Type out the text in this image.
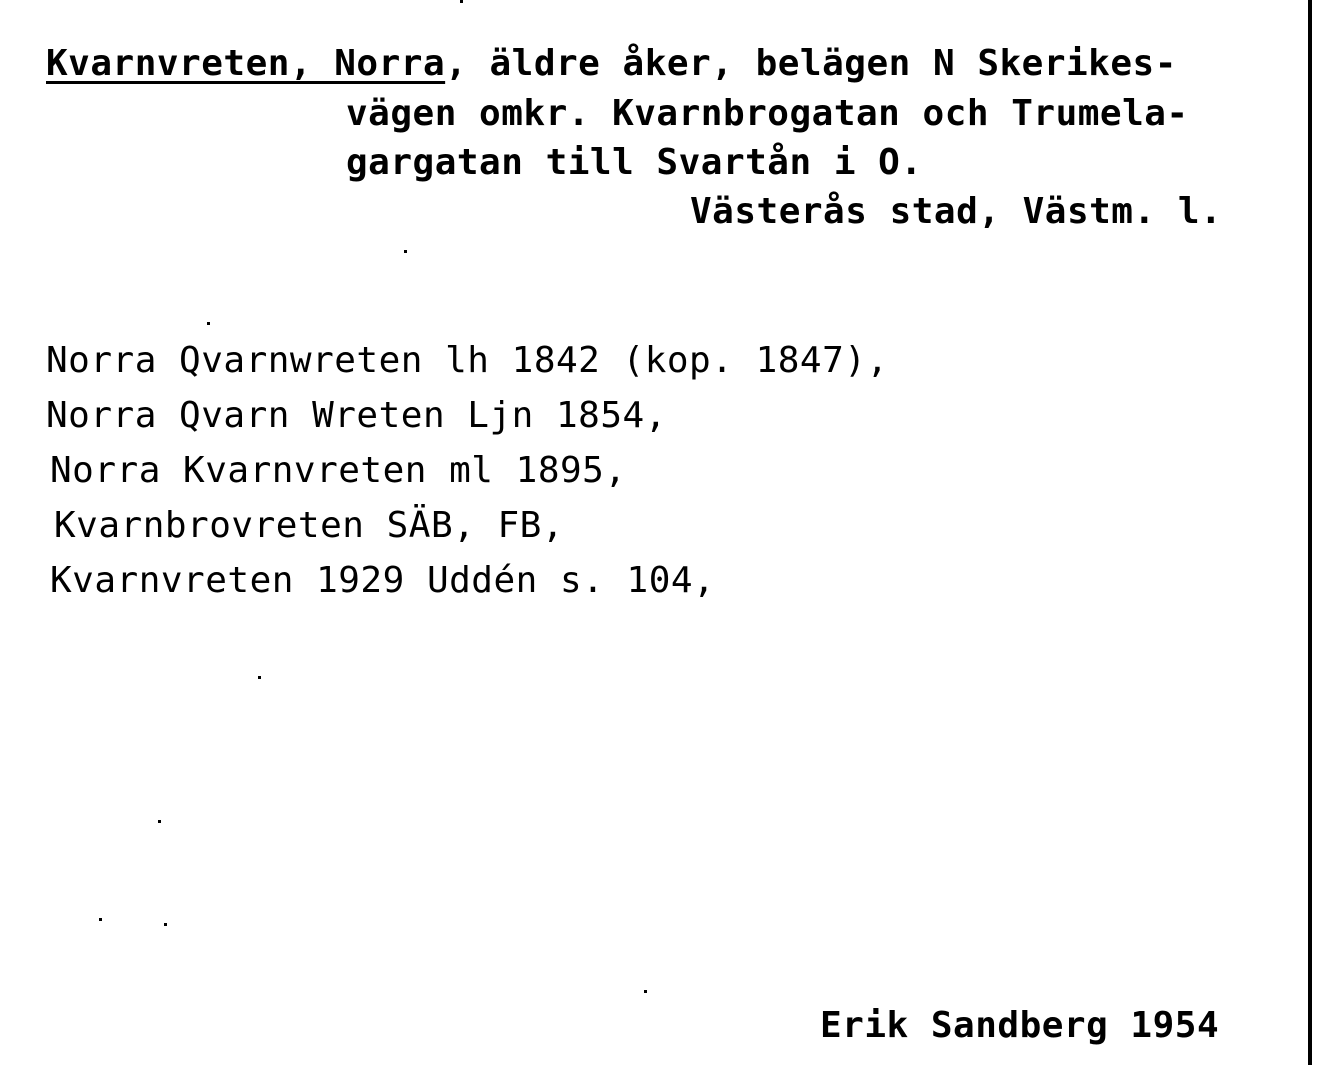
Kvarnvreten, Norra, äldre åker, belägen N Skerikes-
vägen omkr. Kvarnbrogatan och Trumela-
gargatan till Svartån i O.
Västerås stad, Västm. l.
Norra Qvarnwreten lh 1842 (kop. 1847),
Norra Qvarn Wreten Ljn 1854,
Norra Kvarnvreten ml 1895,
Kvarnbrovreten SÄB, FB,
Kvarnvreten 1929 Uddén s. 104,
Erik Sandberg 1954
